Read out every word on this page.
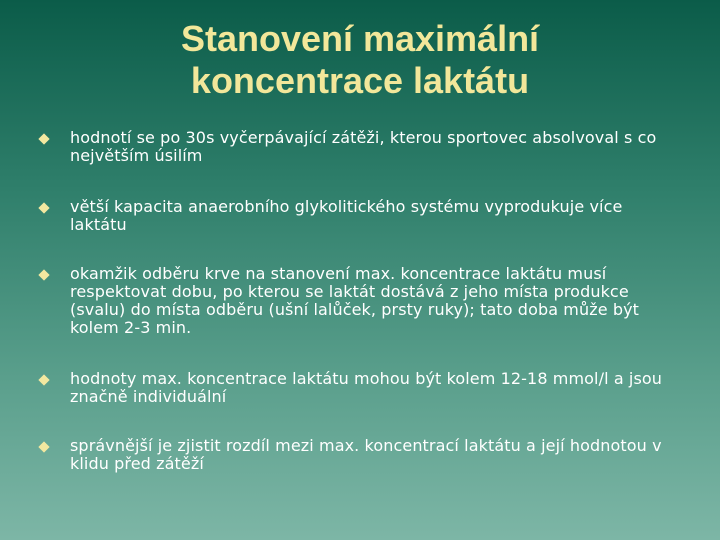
Stanovení maximální
koncentrace laktátu
hodnotí se po 30s vyčerpávající zátěži, kterou sportovec absolvoval s co největším úsilím
větší kapacita anaerobního glykolitického systému vyprodukuje více laktátu
okamžik odběru krve na stanovení max. koncentrace laktátu musí respektovat dobu, po kterou se laktát dostává z jeho místa produkce (svalu) do místa odběru (ušní lalůček, prsty ruky); tato doba může být kolem 2-3 min.
hodnoty max. koncentrace laktátu mohou být kolem 12-18 mmol/l a jsou značně individuální
správnější je zjistit rozdíl mezi max. koncentrací laktátu a její hodnotou v klidu před zátěží
